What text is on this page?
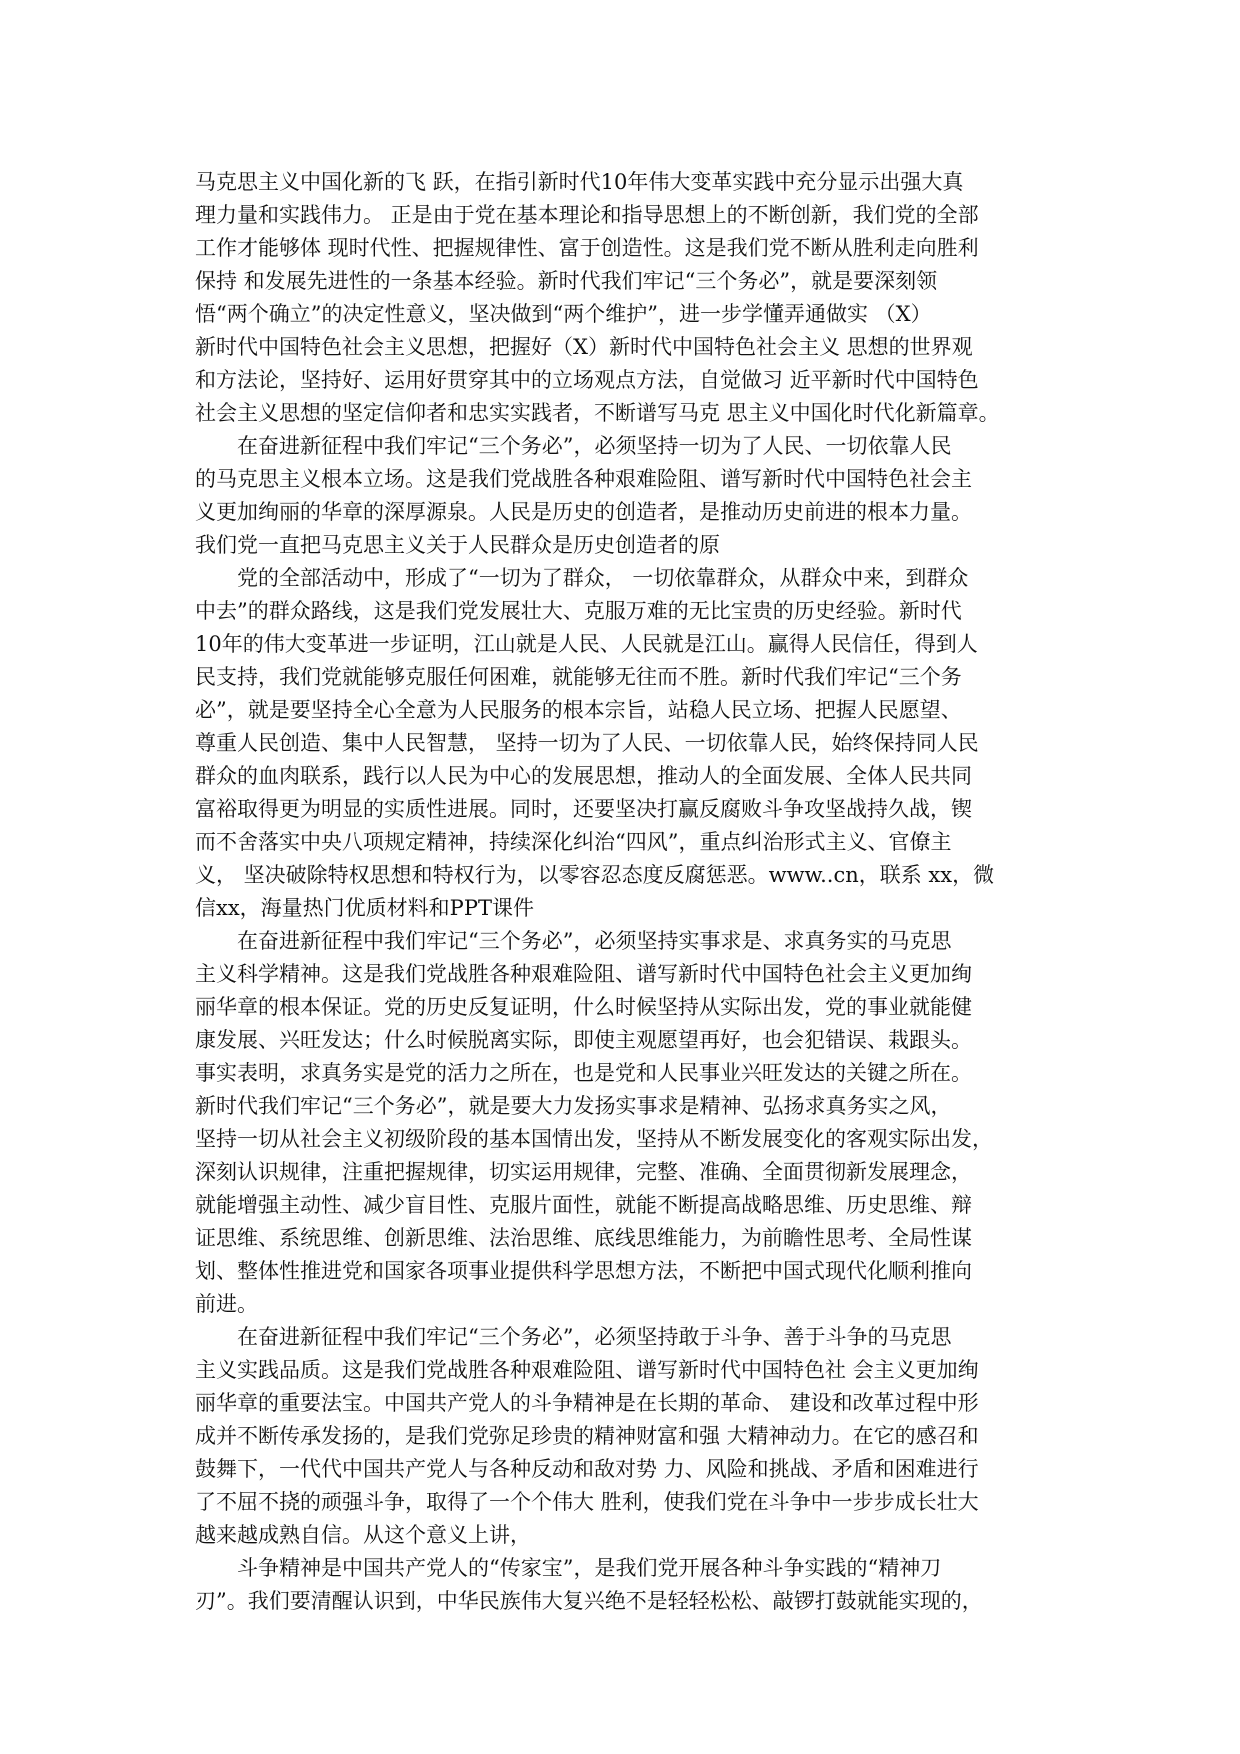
马克思主义中国化新的飞 跃，在指引新时代10年伟大变革实践中充分显示出强大真
理力量和实践伟力。 正是由于党在基本理论和指导思想上的不断创新，我们党的全部
工作才能够体 现时代性、把握规律性、富于创造性。这是我们党不断从胜利走向胜利
保持 和发展先进性的一条基本经验。新时代我们牢记“三个务必”，就是要深刻领
悟“两个确立”的决定性意义，坚决做到“两个维护”，进一步学懂弄通做实 （X）
新时代中国特色社会主义思想，把握好（X）新时代中国特色社会主义 思想的世界观
和方法论，坚持好、运用好贯穿其中的立场观点方法，自觉做习 近平新时代中国特色
社会主义思想的坚定信仰者和忠实实践者，不断谱写马克 思主义中国化时代化新篇章。
在奋进新征程中我们牢记“三个务必”，必须坚持一切为了人民、一切依靠人民
的马克思主义根本立场。这是我们党战胜各种艰难险阻、谱写新时代中国特色社会主
义更加绚丽的华章的深厚源泉。人民是历史的创造者，是推动历史前进的根本力量。
我们党一直把马克思主义关于人民群众是历史创造者的原
党的全部活动中，形成了“一切为了群众， 一切依靠群众，从群众中来，到群众
中去”的群众路线，这是我们党发展壮大、克服万难的无比宝贵的历史经验。新时代
10年的伟大变革进一步证明，江山就是人民、人民就是江山。赢得人民信任，得到人
民支持，我们党就能够克服任何困难，就能够无往而不胜。新时代我们牢记“三个务
必”，就是要坚持全心全意为人民服务的根本宗旨，站稳人民立场、把握人民愿望、
尊重人民创造、集中人民智慧， 坚持一切为了人民、一切依靠人民，始终保持同人民
群众的血肉联系，践行以人民为中心的发展思想，推动人的全面发展、全体人民共同
富裕取得更为明显的实质性进展。同时，还要坚决打赢反腐败斗争攻坚战持久战，锲
而不舍落实中央八项规定精神，持续深化纠治“四风”，重点纠治形式主义、官僚主
义， 坚决破除特权思想和特权行为，以零容忍态度反腐惩恶。www..cn，联系 xx，微
信xx，海量热门优质材料和PPT课件
在奋进新征程中我们牢记“三个务必”，必须坚持实事求是、求真务实的马克思
主义科学精神。这是我们党战胜各种艰难险阻、谱写新时代中国特色社会主义更加绚
丽华章的根本保证。党的历史反复证明，什么时候坚持从实际出发，党的事业就能健
康发展、兴旺发达；什么时候脱离实际，即使主观愿望再好，也会犯错误、栽跟头。
事实表明，求真务实是党的活力之所在，也是党和人民事业兴旺发达的关键之所在。
新时代我们牢记“三个务必”，就是要大力发扬实事求是精神、弘扬求真务实之风，
坚持一切从社会主义初级阶段的基本国情出发，坚持从不断发展变化的客观实际出发，
深刻认识规律，注重把握规律，切实运用规律，完整、准确、全面贯彻新发展理念，
就能增强主动性、减少盲目性、克服片面性，就能不断提高战略思维、历史思维、辩
证思维、系统思维、创新思维、法治思维、底线思维能力，为前瞻性思考、全局性谋
划、整体性推进党和国家各项事业提供科学思想方法，不断把中国式现代化顺利推向
前进。
在奋进新征程中我们牢记“三个务必”，必须坚持敢于斗争、善于斗争的马克思
主义实践品质。这是我们党战胜各种艰难险阻、谱写新时代中国特色社 会主义更加绚
丽华章的重要法宝。中国共产党人的斗争精神是在长期的革命、 建设和改革过程中形
成并不断传承发扬的，是我们党弥足珍贵的精神财富和强 大精神动力。在它的感召和
鼓舞下，一代代中国共产党人与各种反动和敌对势 力、风险和挑战、矛盾和困难进行
了不屈不挠的顽强斗争，取得了一个个伟大 胜利，使我们党在斗争中一步步成长壮大
越来越成熟自信。从这个意义上讲，
斗争精神是中国共产党人的“传家宝”，是我们党开展各种斗争实践的“精神刀
刃”。我们要清醒认识到，中华民族伟大复兴绝不是轻轻松松、敲锣打鼓就能实现的，
